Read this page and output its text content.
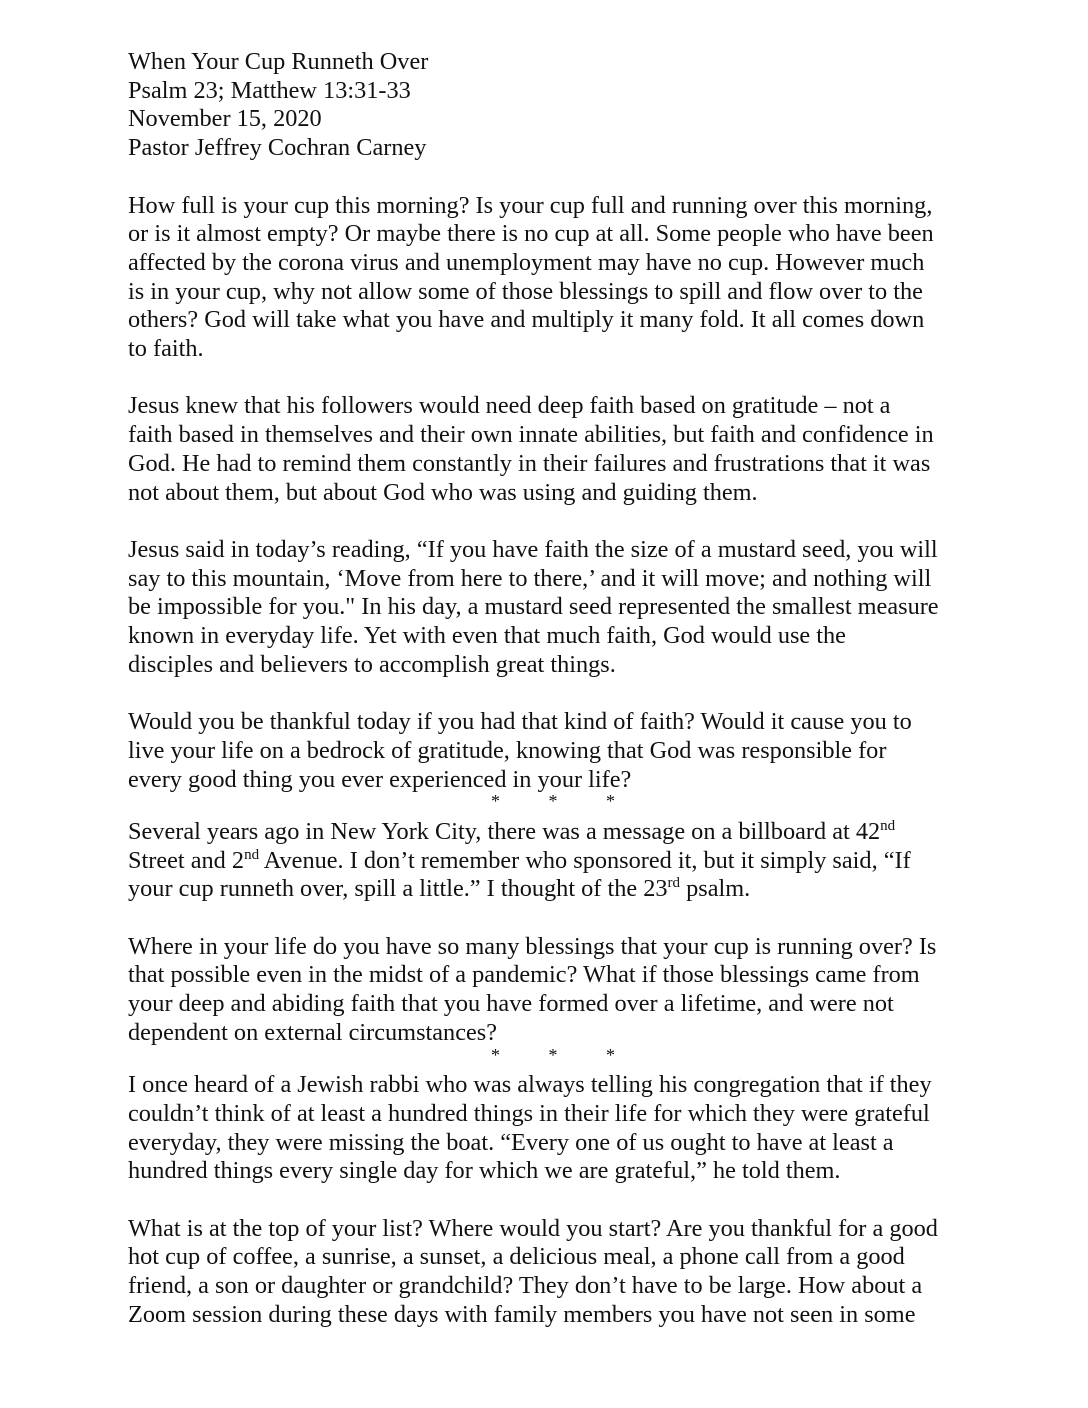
When Your Cup Runneth Over
Psalm 23; Matthew 13:31-33
November 15, 2020
Pastor Jeffrey Cochran Carney

How full is your cup this morning? Is your cup full and running over this morning,
or is it almost empty? Or maybe there is no cup at all. Some people who have been
affected by the corona virus and unemployment may have no cup. However much
is in your cup, why not allow some of those blessings to spill and flow over to the
others? God will take what you have and multiply it many fold. It all comes down
to faith.

Jesus knew that his followers would need deep faith based on gratitude – not a
faith based in themselves and their own innate abilities, but faith and confidence in
God. He had to remind them constantly in their failures and frustrations that it was
not about them, but about God who was using and guiding them.

Jesus said in today’s reading, “If you have faith the size of a mustard seed, you will
say to this mountain, ‘Move from here to there,’ and it will move; and nothing will
be impossible for you." In his day, a mustard seed represented the smallest measure
known in everyday life. Yet with even that much faith, God would use the
disciples and believers to accomplish great things.

Would you be thankful today if you had that kind of faith? Would it cause you to
live your life on a bedrock of gratitude, knowing that God was responsible for
every good thing you ever experienced in your life?

* * *

Several years ago in New York City, there was a message on a billboard at 42nd
Street and 2nd Avenue. I don’t remember who sponsored it, but it simply said, “If
your cup runneth over, spill a little.” I thought of the 23rd psalm.

Where in your life do you have so many blessings that your cup is running over? Is
that possible even in the midst of a pandemic? What if those blessings came from
your deep and abiding faith that you have formed over a lifetime, and were not
dependent on external circumstances?

* * *

I once heard of a Jewish rabbi who was always telling his congregation that if they
couldn’t think of at least a hundred things in their life for which they were grateful
everyday, they were missing the boat. “Every one of us ought to have at least a
hundred things every single day for which we are grateful,” he told them.

What is at the top of your list? Where would you start? Are you thankful for a good
hot cup of coffee, a sunrise, a sunset, a delicious meal, a phone call from a good
friend, a son or daughter or grandchild? They don’t have to be large. How about a
Zoom session during these days with family members you have not seen in some
